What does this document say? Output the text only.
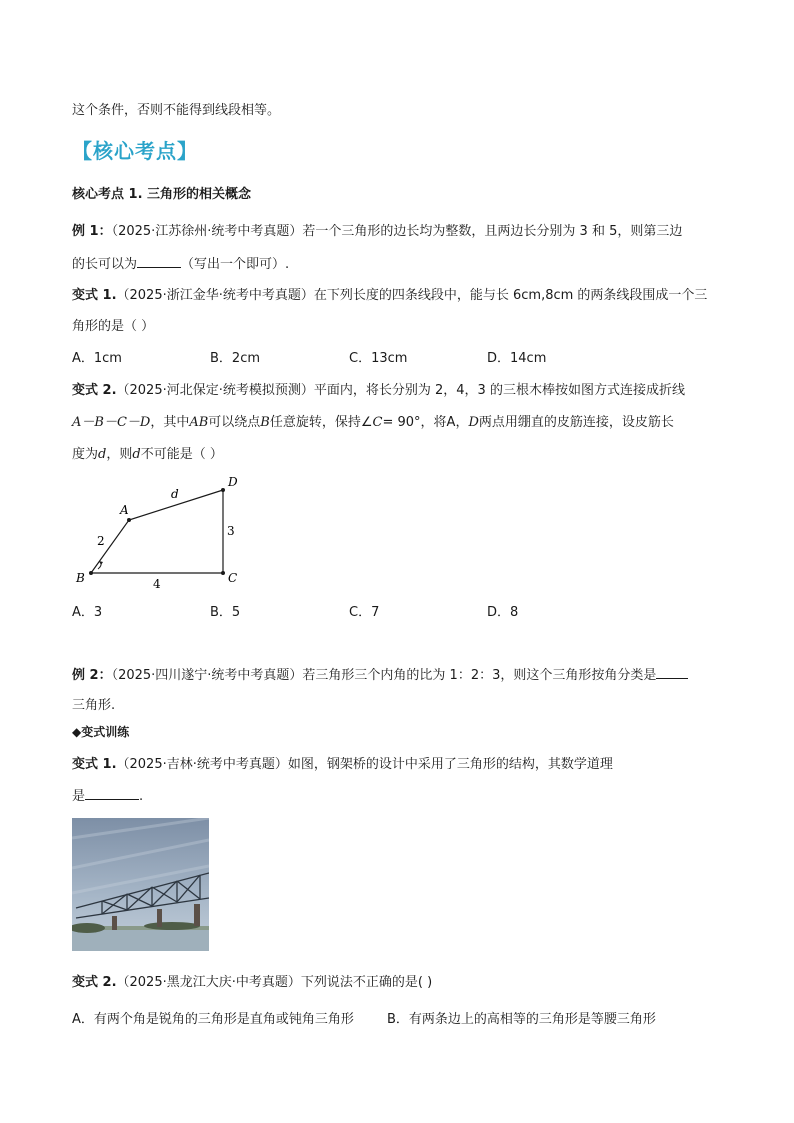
这个条件，否则不能得到线段相等。
【核心考点】
核心考点 1. 三角形的相关概念
例 1：（2025·江苏徐州·统考中考真题）若一个三角形的边长均为整数，且两边长分别为 3 和 5，则第三边
的长可以为	（写出一个即可）.
变式 1.（2025·浙江金华·统考中考真题）在下列长度的四条线段中，能与长 6cm,8cm 的两条线段围成一个三
角形的是（ ）
A．1cm	B．2cm	C．13cm	D．14cm
变式 2.（2025·河北保定·统考模拟预测）平面内，将长分别为 2，4，3 的三根木棒按如图方式连接成折线
A－B－C－D，其中AB可以绕点B任意旋转，保持∠C= 90°，将A，D两点用绷直的皮筋连接，设皮筋长
度为d，则d不可能是（ ）
A
B	C
D
d
2
4
3
A．3	B．5	C．7	D．8
例 2：（2025·四川遂宁·统考中考真题）若三角形三个内角的比为 1：2：3，则这个三角形按角分类是
三角形.
◆变式训练
变式 1.（2025·吉林·统考中考真题）如图，钢架桥的设计中采用了三角形的结构，其数学道理
是	.
变式 2.（2025·黑龙江大庆·中考真题）下列说法不正确的是( )
A．有两个角是锐角的三角形是直角或钝角三角形	B．有两条边上的高相等的三角形是等腰三角形
